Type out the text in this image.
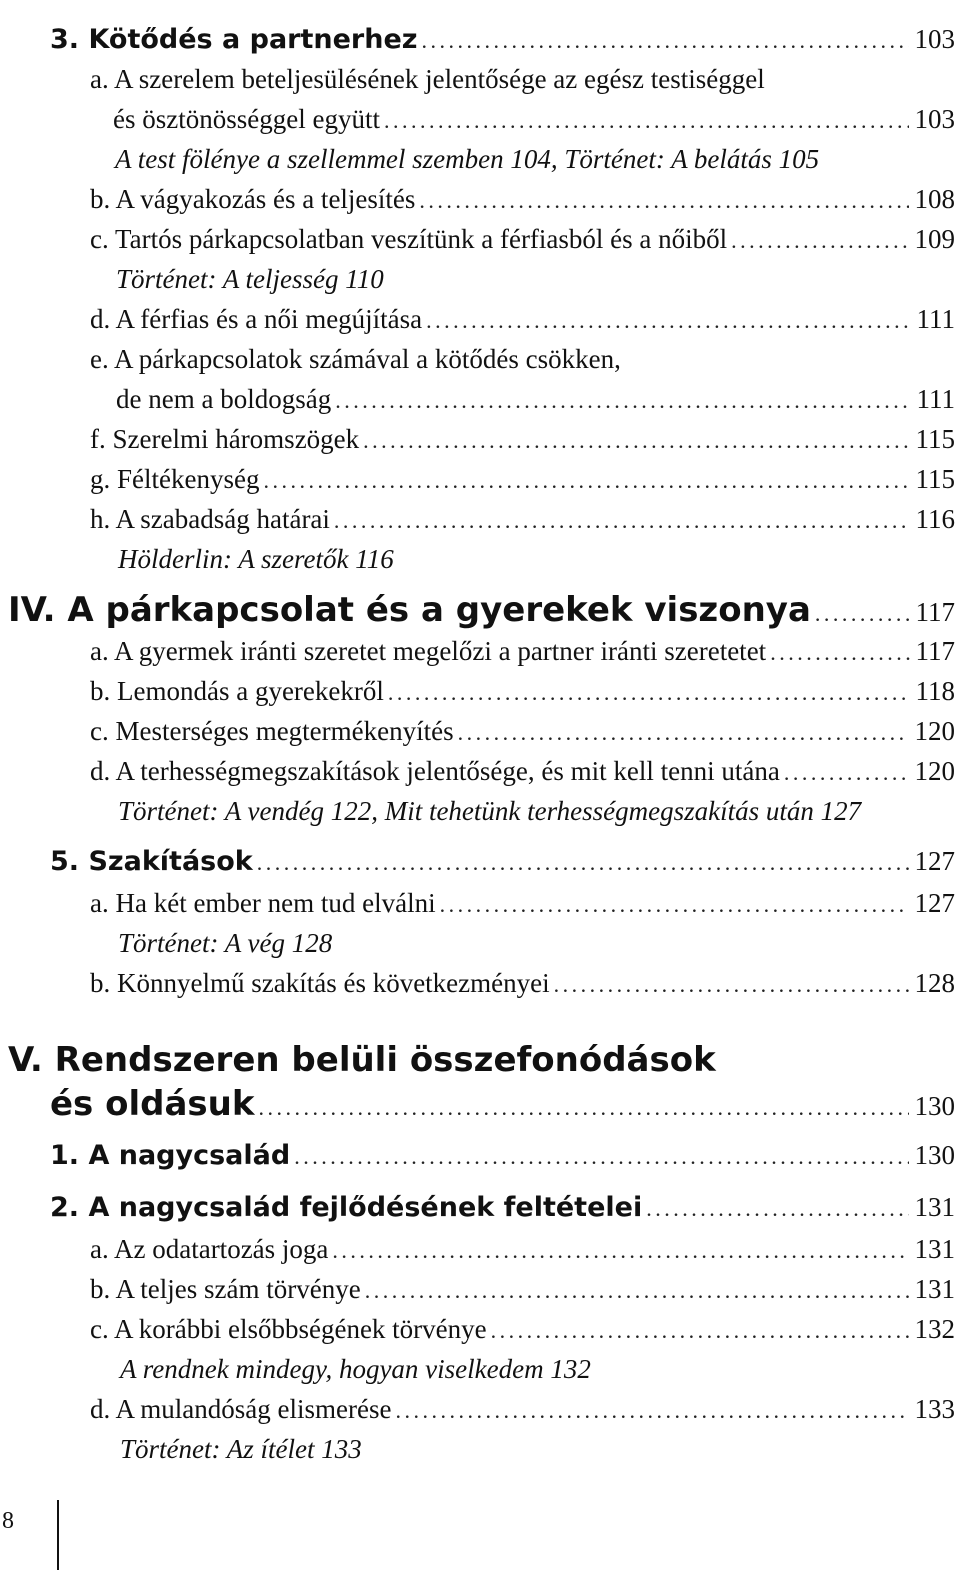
3. Kötődés a partnerhez . . .	103
a. A szerelem beteljesülésének jelentősége az egész testiséggel
és ösztönösséggel együtt . . .	103
A test fölénye a szellemmel szemben 104, Történet: A belátás 105
b. A vágyakozás és a teljesítés . . .	108
c. Tartós párkapcsolatban veszítünk a férfiasból és a nőiből . . .	109
Történet: A teljesség 110
d. A férfias és a női megújítása . . .	111
e. A párkapcsolatok számával a kötődés csökken,
de nem a boldogság . . .	111
f. Szerelmi háromszögek . . .	115
g. Féltékenység . . .	115
h. A szabadság határai . . .	116
Hölderlin: A szeretők 116
IV. A párkapcsolat és a gyerekek viszonya . . .	117
a. A gyermek iránti szeretet megelőzi a partner iránti szeretetet . . .	117
b. Lemondás a gyerekekről . . .	118
c. Mesterséges megtermékenyítés . . .	120
d. A terhességmegszakítások jelentősége, és mit kell tenni utána . . .	120
Történet: A vendég 122, Mit tehetünk terhességmegszakítás után 127
5. Szakítások . . .	127
a. Ha két ember nem tud elválni . . .	127
Történet: A vég 128
b. Könnyelmű szakítás és következményei . . .	128
V. Rendszeren belüli összefonódások
és oldásuk . . .	130
1. A nagycsalád . . .	130
2. A nagycsalád fejlődésének feltételei . . .	131
a. Az odatartozás joga . . .	131
b. A teljes szám törvénye . . .	131
c. A korábbi elsőbbségének törvénye . . .	132
A rendnek mindegy, hogyan viselkedem 132
d. A mulandóság elismerése . . .	133
Történet: Az ítélet 133
8
